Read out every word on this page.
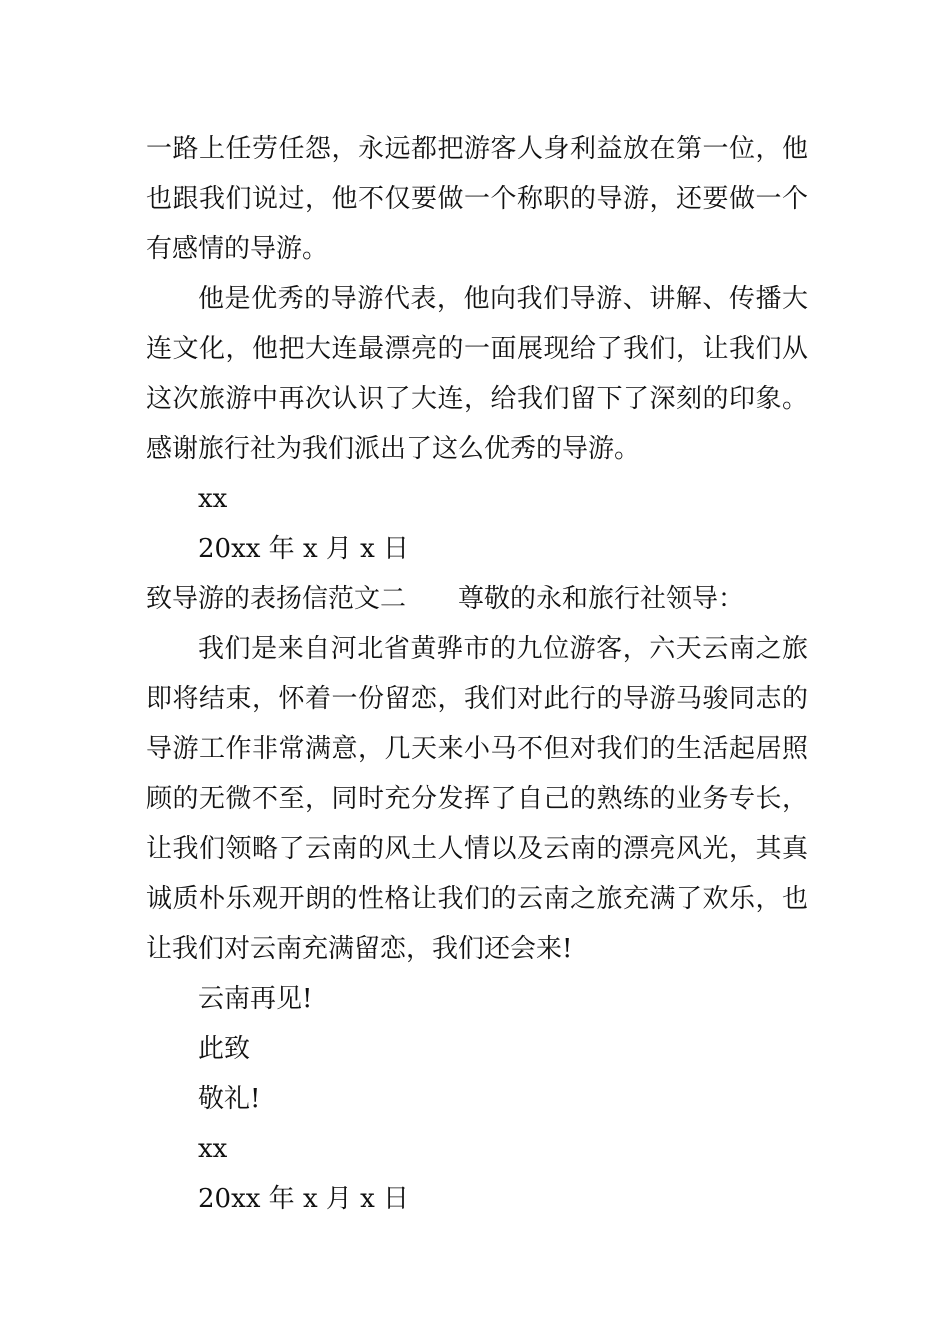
一路上任劳任怨，永远都把游客人身利益放在第一位，他
也跟我们说过，他不仅要做一个称职的导游，还要做一个
有感情的导游。
他是优秀的导游代表，他向我们导游、讲解、传播大
连文化，他把大连最漂亮的一面展现给了我们，让我们从
这次旅游中再次认识了大连，给我们留下了深刻的印象。
感谢旅行社为我们派出了这么优秀的导游。
xx
20xx 年 x 月 x 日
致导游的表扬信范文二 尊敬的永和旅行社领导：
我们是来自河北省黄骅市的九位游客，六天云南之旅
即将结束，怀着一份留恋，我们对此行的导游马骏同志的
导游工作非常满意，几天来小马不但对我们的生活起居照
顾的无微不至，同时充分发挥了自己的熟练的业务专长，
让我们领略了云南的风土人情以及云南的漂亮风光，其真
诚质朴乐观开朗的性格让我们的云南之旅充满了欢乐，也
让我们对云南充满留恋，我们还会来!
云南再见!
此致
敬礼!
xx
20xx 年 x 月 x 日
